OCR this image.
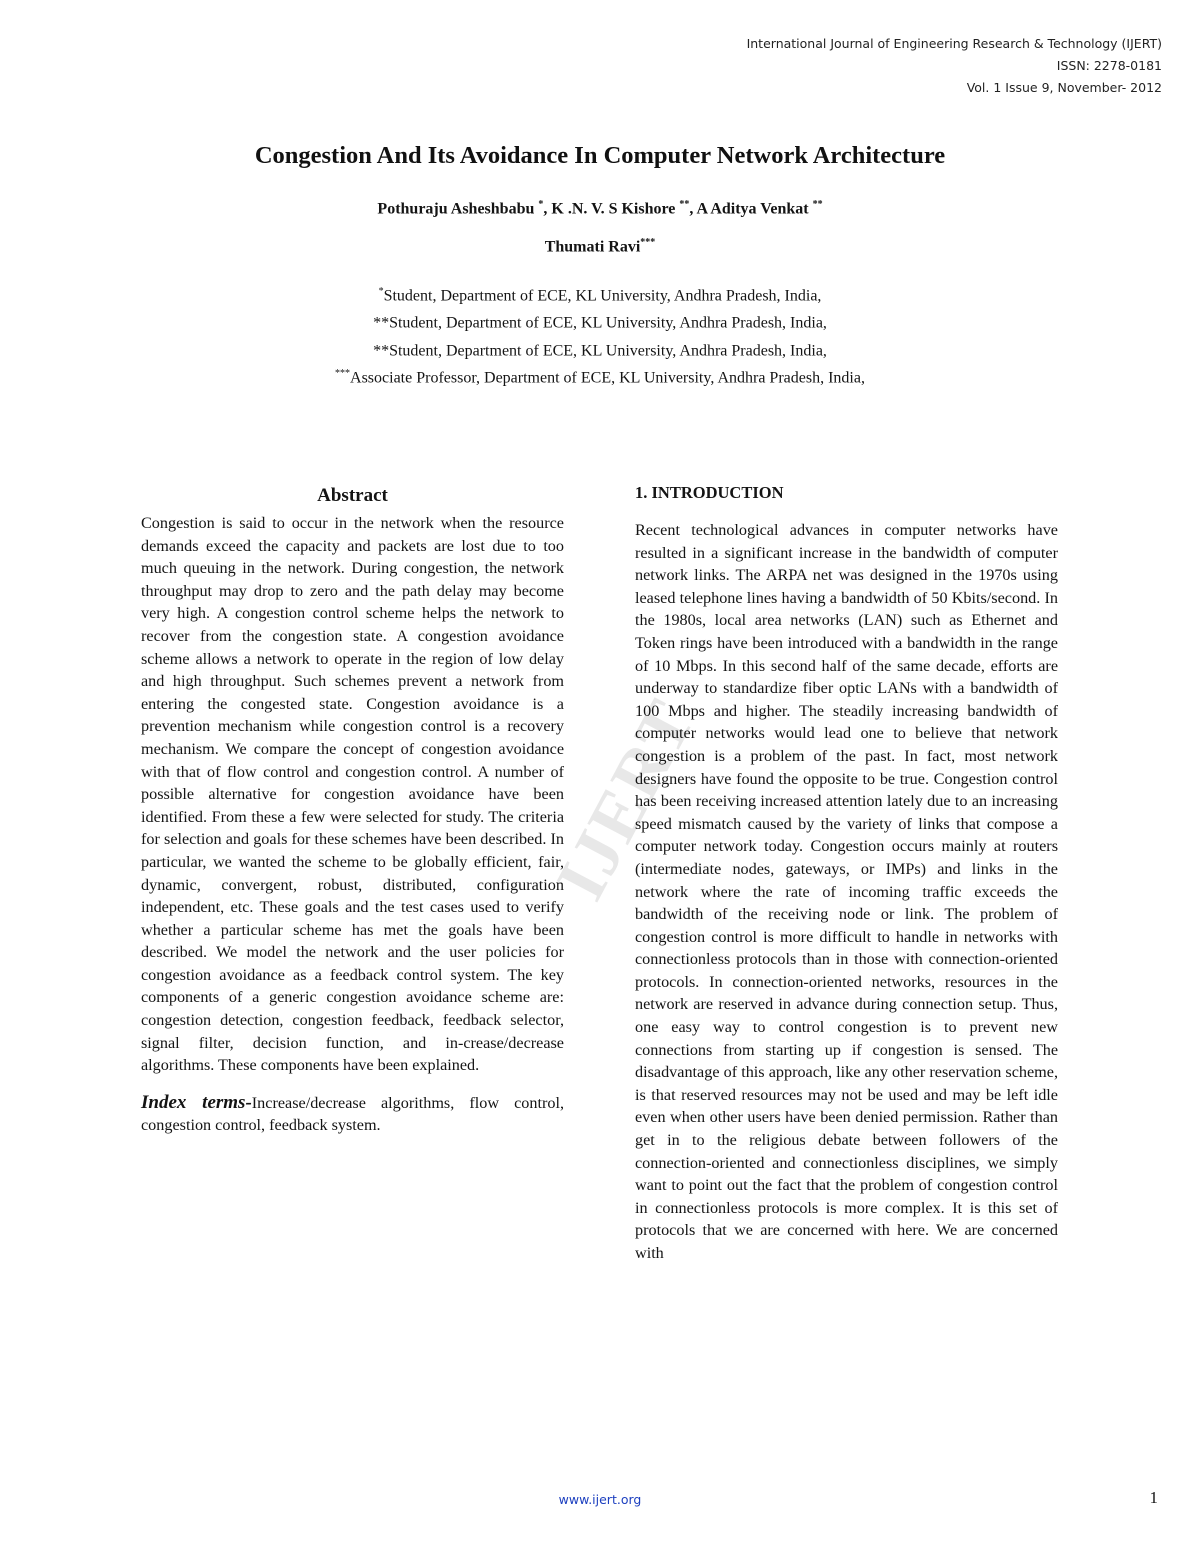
International Journal of Engineering Research & Technology (IJERT)
ISSN: 2278-0181
Vol. 1 Issue 9, November- 2012
Congestion And Its Avoidance In Computer Network Architecture
Pothuraju Asheshbabu *, K .N. V. S Kishore **, A Aditya Venkat **
Thumati Ravi***
*Student, Department of ECE, KL University, Andhra Pradesh, India,
**Student, Department of ECE, KL University, Andhra Pradesh, India,
**Student, Department of ECE, KL University, Andhra Pradesh, India,
***Associate Professor, Department of ECE, KL University, Andhra Pradesh, India,
IJERT
Abstract

Congestion is said to occur in the network when the resource demands exceed the capacity and packets are lost due to too much queuing in the network. During congestion, the network throughput may drop to zero and the path delay may become very high. A congestion control scheme helps the network to recover from the congestion state. A congestion avoidance scheme allows a network to operate in the region of low delay and high throughput. Such schemes prevent a network from entering the congested state. Congestion avoidance is a prevention mechanism while congestion control is a recovery mechanism. We compare the concept of congestion avoidance with that of flow control and congestion control. A number of possible alternative for congestion avoidance have been identified. From these a few were selected for study. The criteria for selection and goals for these schemes have been described. In particular, we wanted the scheme to be globally efficient, fair, dynamic, convergent, robust, distributed, configuration independent, etc. These goals and the test cases used to verify whether a particular scheme has met the goals have been described. We model the network and the user policies for congestion avoidance as a feedback control system. The key components of a generic congestion avoidance scheme are: congestion detection, congestion feedback, feedback selector, signal filter, decision function, and in-crease/decrease algorithms. These components have been explained.

Index terms-Increase/decrease algorithms, flow control, congestion control, feedback system.

1. INTRODUCTION

Recent technological advances in computer networks have resulted in a significant increase in the bandwidth of computer network links. The ARPA net was designed in the 1970s using leased telephone lines having a bandwidth of 50 Kbits/second. In the 1980s, local area networks (LAN) such as Ethernet and Token rings have been introduced with a bandwidth in the range of 10 Mbps. In this second half of the same decade, efforts are underway to standardize fiber optic LANs with a bandwidth of 100 Mbps and higher. The steadily increasing bandwidth of computer networks would lead one to believe that network congestion is a problem of the past. In fact, most network designers have found the opposite to be true. Congestion control has been receiving increased attention lately due to an increasing speed mismatch caused by the variety of links that compose a computer network today. Congestion occurs mainly at routers (intermediate nodes, gateways, or IMPs) and links in the network where the rate of incoming traffic exceeds the bandwidth of the receiving node or link. The problem of congestion control is more difficult to handle in networks with connectionless protocols than in those with connection-oriented protocols. In connection-oriented networks, resources in the network are reserved in advance during connection setup. Thus, one easy way to control congestion is to prevent new connections from starting up if congestion is sensed. The disadvantage of this approach, like any other reservation scheme, is that reserved resources may not be used and may be left idle even when other users have been denied permission. Rather than get in to the religious debate between followers of the connection-oriented and connectionless disciplines, we simply want to point out the fact that the problem of congestion control in connectionless protocols is more complex. It is this set of protocols that we are concerned with here. We are concerned with

www.ijert.org	1
